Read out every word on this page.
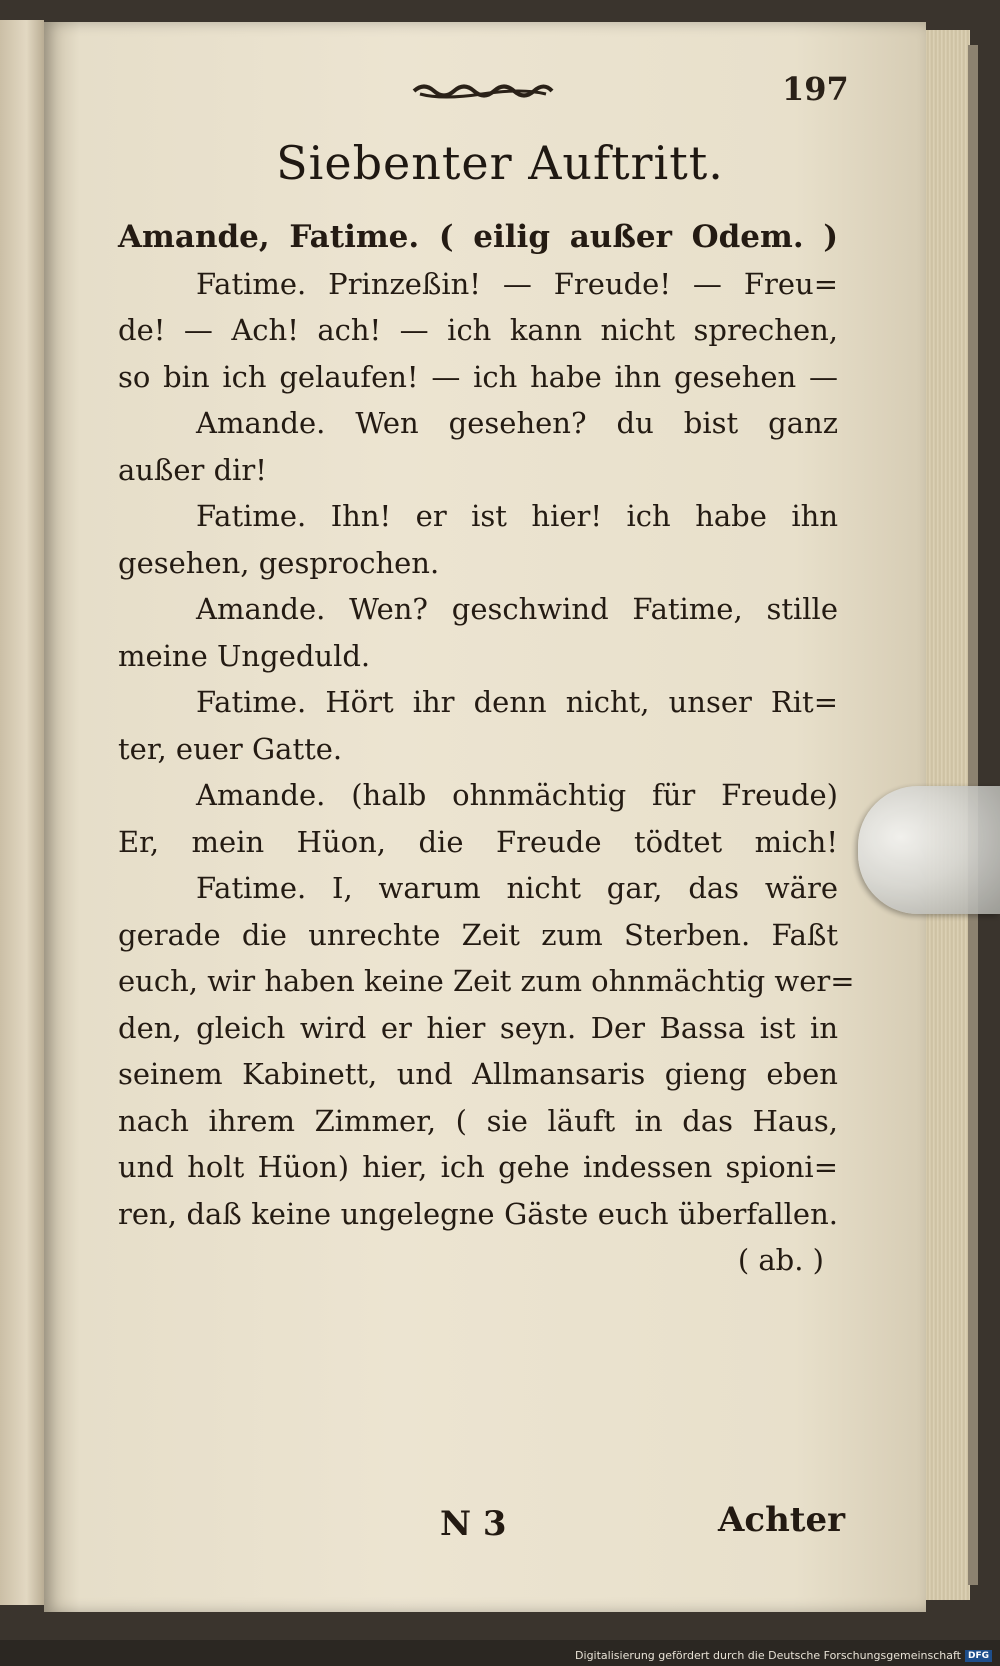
197
Siebenter Auftritt.
Amande, Fatime. ( eilig außer Odem. )
Fatime. Prinzeßin! — Freude! — Freu=
de! — Ach! ach! — ich kann nicht sprechen,
so bin ich gelaufen! — ich habe ihn gesehen —
Amande. Wen gesehen? du bist ganz
außer dir!
Fatime. Ihn! er ist hier! ich habe ihn
gesehen, gesprochen.
Amande. Wen? geschwind Fatime, stille
meine Ungeduld.
Fatime. Hört ihr denn nicht, unser Rit=
ter, euer Gatte.
Amande. (halb ohnmächtig für Freude)
Er, mein Hüon, die Freude tödtet mich!
Fatime. I, warum nicht gar, das wäre
gerade die unrechte Zeit zum Sterben. Faßt
euch, wir haben keine Zeit zum ohnmächtig wer=
den, gleich wird er hier seyn. Der Bassa ist in
seinem Kabinett, und Allmansaris gieng eben
nach ihrem Zimmer, ( sie läuft in das Haus,
und holt Hüon) hier, ich gehe indessen spioni=
ren, daß keine ungelegne Gäste euch überfallen.
( ab. )
N 3	Achter
Digitalisierung gefördert durch die Deutsche Forschungsgemeinschaft DFG
